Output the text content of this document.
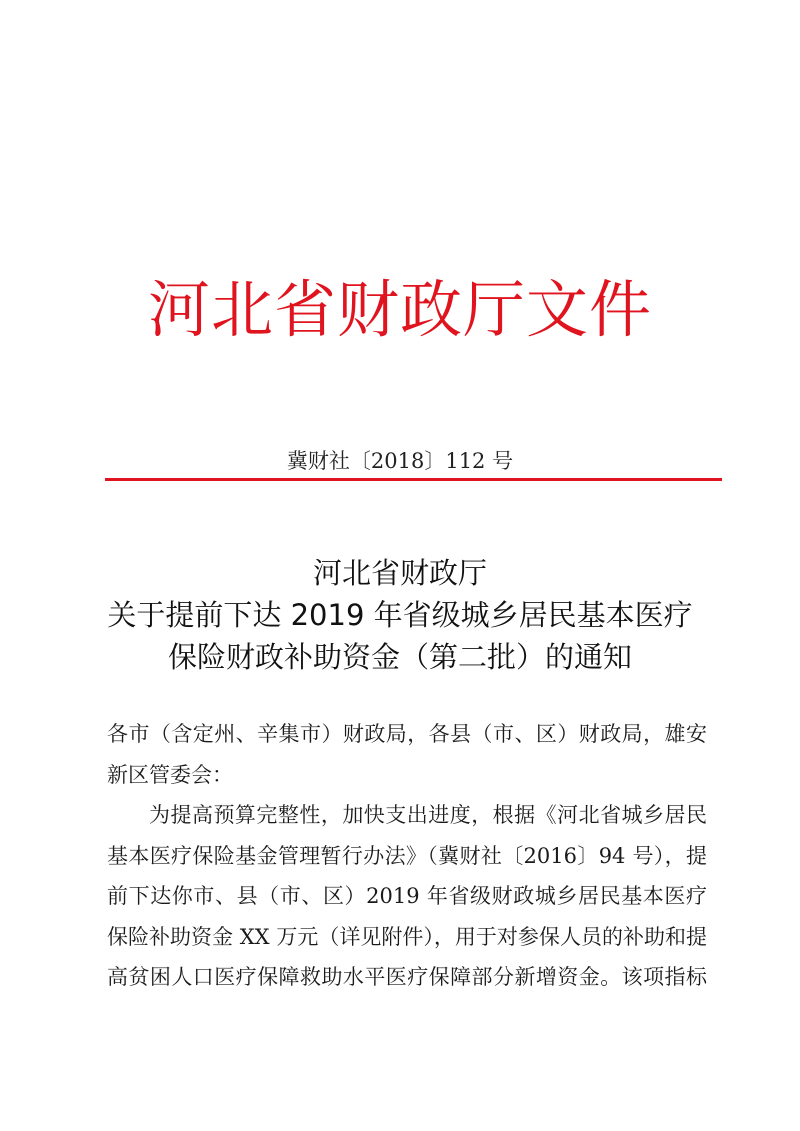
河北省财政厅文件
冀财社〔2018〕112 号
河北省财政厅
关于提前下达 2019 年省级城乡居民基本医疗
保险财政补助资金（第二批）的通知
各市（含定州、辛集市）财政局，各县（市、区）财政局，雄安
新区管委会：
为提高预算完整性，加快支出进度，根据《河北省城乡居民
基本医疗保险基金管理暂行办法》（冀财社〔2016〕94 号），提
前下达你市、县（市、区）2019 年省级财政城乡居民基本医疗
保险补助资金 XX 万元（详见附件），用于对参保人员的补助和提
高贫困人口医疗保障救助水平医疗保障部分新增资金。该项指标
